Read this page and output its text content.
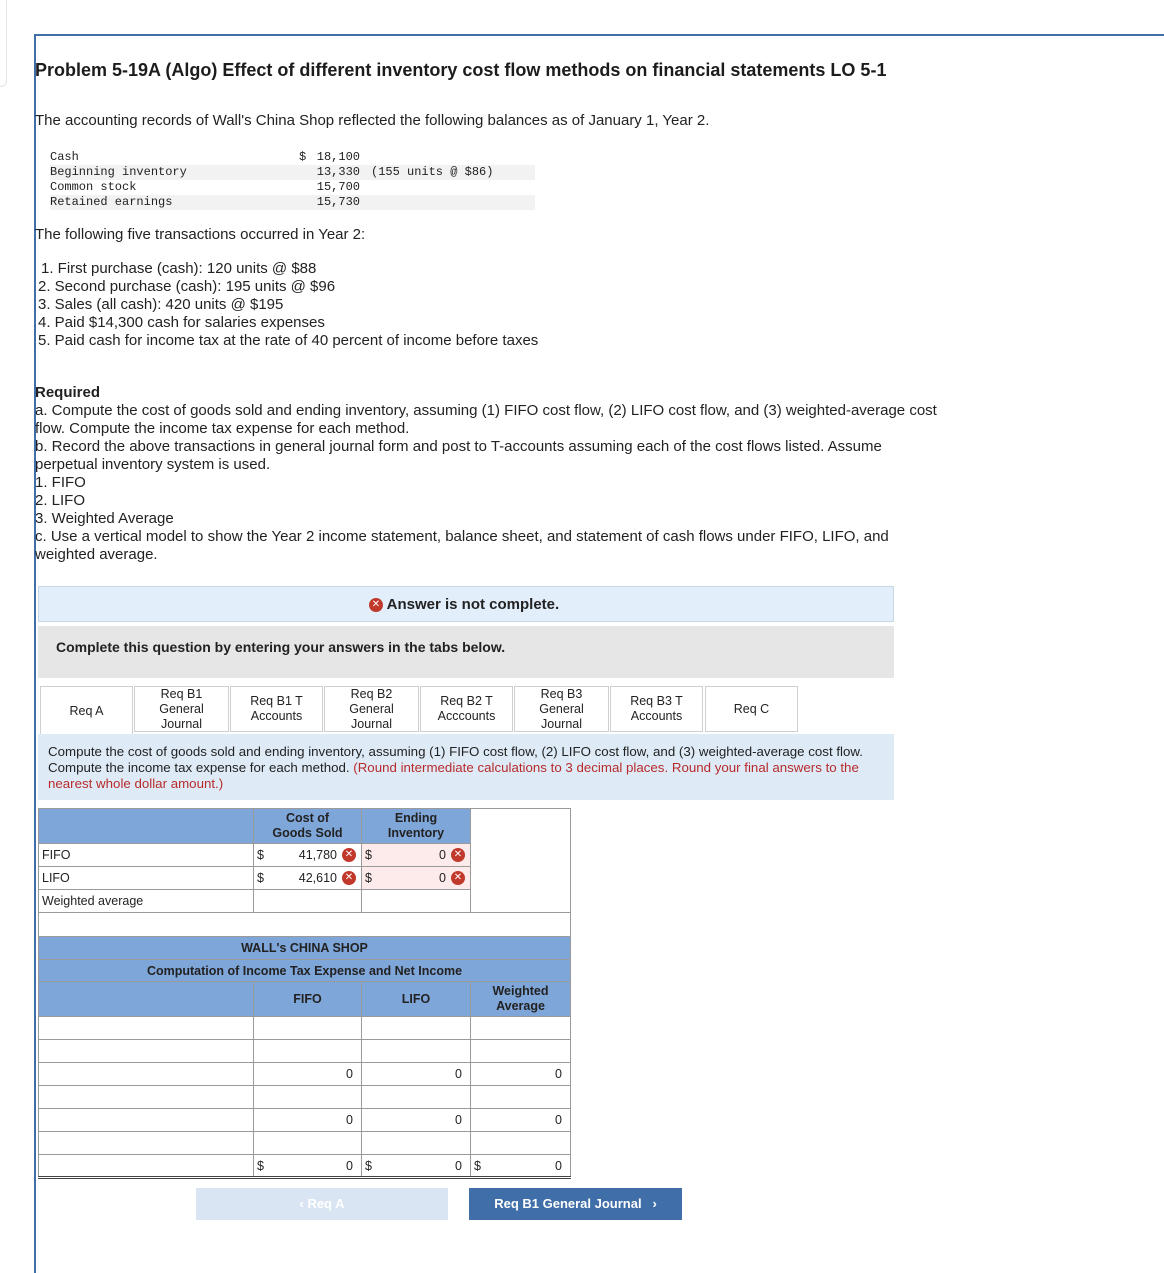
Problem 5-19A (Algo) Effect of different inventory cost flow methods on financial statements LO 5-1
The accounting records of Wall's China Shop reflected the following balances as of January 1, Year 2.
Cash	$ 18,100
Beginning inventory	13,330 (155 units @ $86)
Common stock	15,700
Retained earnings	15,730
The following five transactions occurred in Year 2:
1. First purchase (cash): 120 units @ $88
2. Second purchase (cash): 195 units @ $96
3. Sales (all cash): 420 units @ $195
4. Paid $14,300 cash for salaries expenses
5. Paid cash for income tax at the rate of 40 percent of income before taxes
Required
a. Compute the cost of goods sold and ending inventory, assuming (1) FIFO cost flow, (2) LIFO cost flow, and (3) weighted-average cost
flow. Compute the income tax expense for each method.
b. Record the above transactions in general journal form and post to T-accounts assuming each of the cost flows listed. Assume
perpetual inventory system is used.
1. FIFO
2. LIFO
3. Weighted Average
c. Use a vertical model to show the Year 2 income statement, balance sheet, and statement of cash flows under FIFO, LIFO, and
weighted average.
✕ Answer is not complete.
Complete this question by entering your answers in the tabs below.
Req A
Req B1
General
Journal
Req B1 T
Accounts
Req B2
General
Journal
Req B2 T
Acccounts
Req B3
General
Journal
Req B3 T
Accounts
Req C
Compute the cost of goods sold and ending inventory, assuming (1) FIFO cost flow, (2) LIFO cost flow, and (3) weighted-average cost flow. Compute the income tax expense for each method. (Round intermediate calculations to 3 decimal places. Round your final answers to the nearest whole dollar amount.)
	Cost of
Goods Sold	Ending
Inventory	
FIFO	$ 41,780 ✕	$ 0 ✕	

LIFO	$ 42,610 ✕	$ 0 ✕	

Weighted average			

WALL's CHINA SHOP			
Computation of Income Tax Expense and Net Income			
	FIFO	LIFO	Weighted
Average

	0	0	0

	0	0	0

	$ 0	$ 0	$ 0
‹ Req A	Req B1 General Journal   ›
